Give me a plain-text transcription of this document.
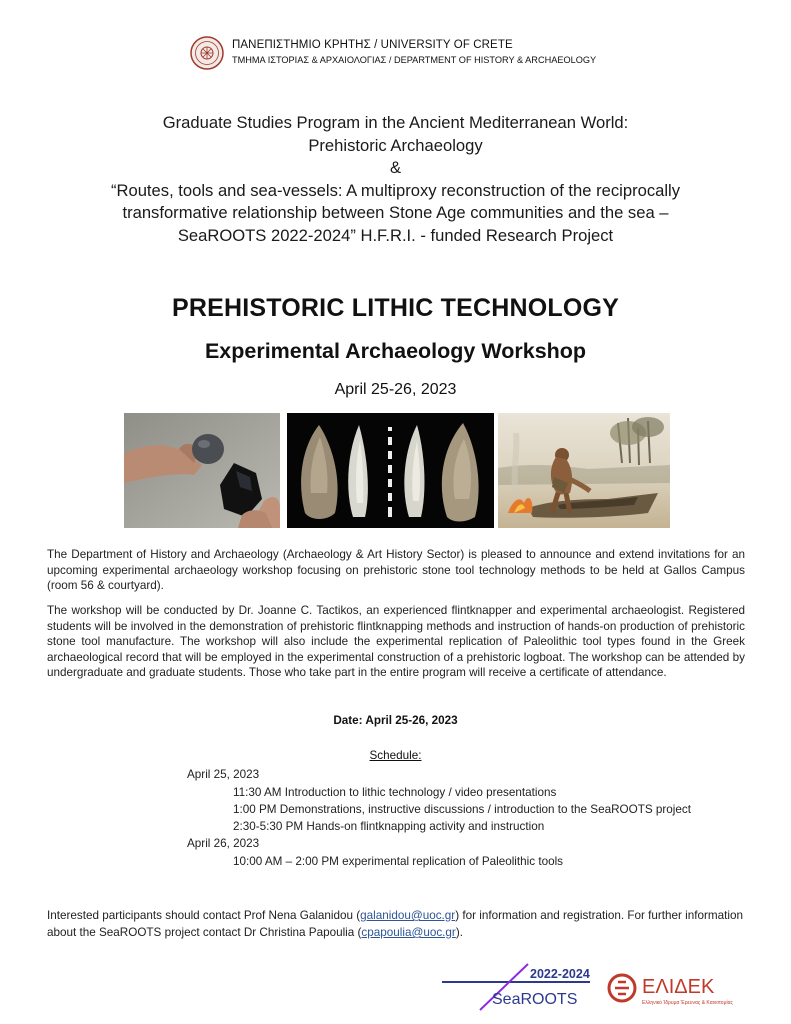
ΠΑΝΕΠΙΣΤΗΜΙΟ ΚΡΗΤΗΣ / UNIVERSITY OF CRETE
ΤΜΗΜΑ ΙΣΤΟΡΙΑΣ & ΑΡΧΑΙΟΛΟΓΙΑΣ / DEPARTMENT OF HISTORY & ARCHAEOLOGY
Graduate Studies Program in the Ancient Mediterranean World:
Prehistoric Archaeology
&
“Routes, tools and sea-vessels: A multiproxy reconstruction of the reciprocally
transformative relationship between Stone Age communities and the sea –
SeaROOTS 2022-2024” H.F.R.I. - funded Research Project
PREHISTORIC LITHIC TECHNOLOGY
Experimental Archaeology Workshop
April 25-26, 2023
The Department of History and Archaeology (Archaeology & Art History Sector) is pleased to announce and extend invitations for an upcoming experimental archaeology workshop focusing on prehistoric stone tool technology methods to be held at Gallos Campus (room 56 & courtyard).
The workshop will be conducted by Dr. Joanne C. Tactikos, an experienced flintknapper and experimental archaeologist. Registered students will be involved in the demonstration of prehistoric flintknapping methods and instruction of hands-on production of prehistoric stone tool manufacture. The workshop will also include the experimental replication of Paleolithic tool types found in the Greek archaeological record that will be employed in the experimental construction of a prehistoric logboat. The workshop can be attended by undergraduate and graduate students. Those who take part in the entire program will receive a certificate of attendance.
Date: April 25-26, 2023
Schedule:
April 25, 2023
11:30 AM Introduction to lithic technology / video presentations
1:00 PM Demonstrations, instructive discussions / introduction to the SeaROOTS project
2:30-5:30 PM Hands-on flintknapping activity and instruction
April 26, 2023
10:00 AM – 2:00 PM experimental replication of Paleolithic tools
Interested participants should contact Prof Nena Galanidou (galanidou@uoc.gr) for information and registration. For further information about the SeaROOTS project contact Dr Christina Papoulia (cpapoulia@uoc.gr).
2022-2024
SeaROOTS
ΕΛΙΔΕΚ
Ελληνικό Ίδρυμα Έρευνας & Καινοτομίας
